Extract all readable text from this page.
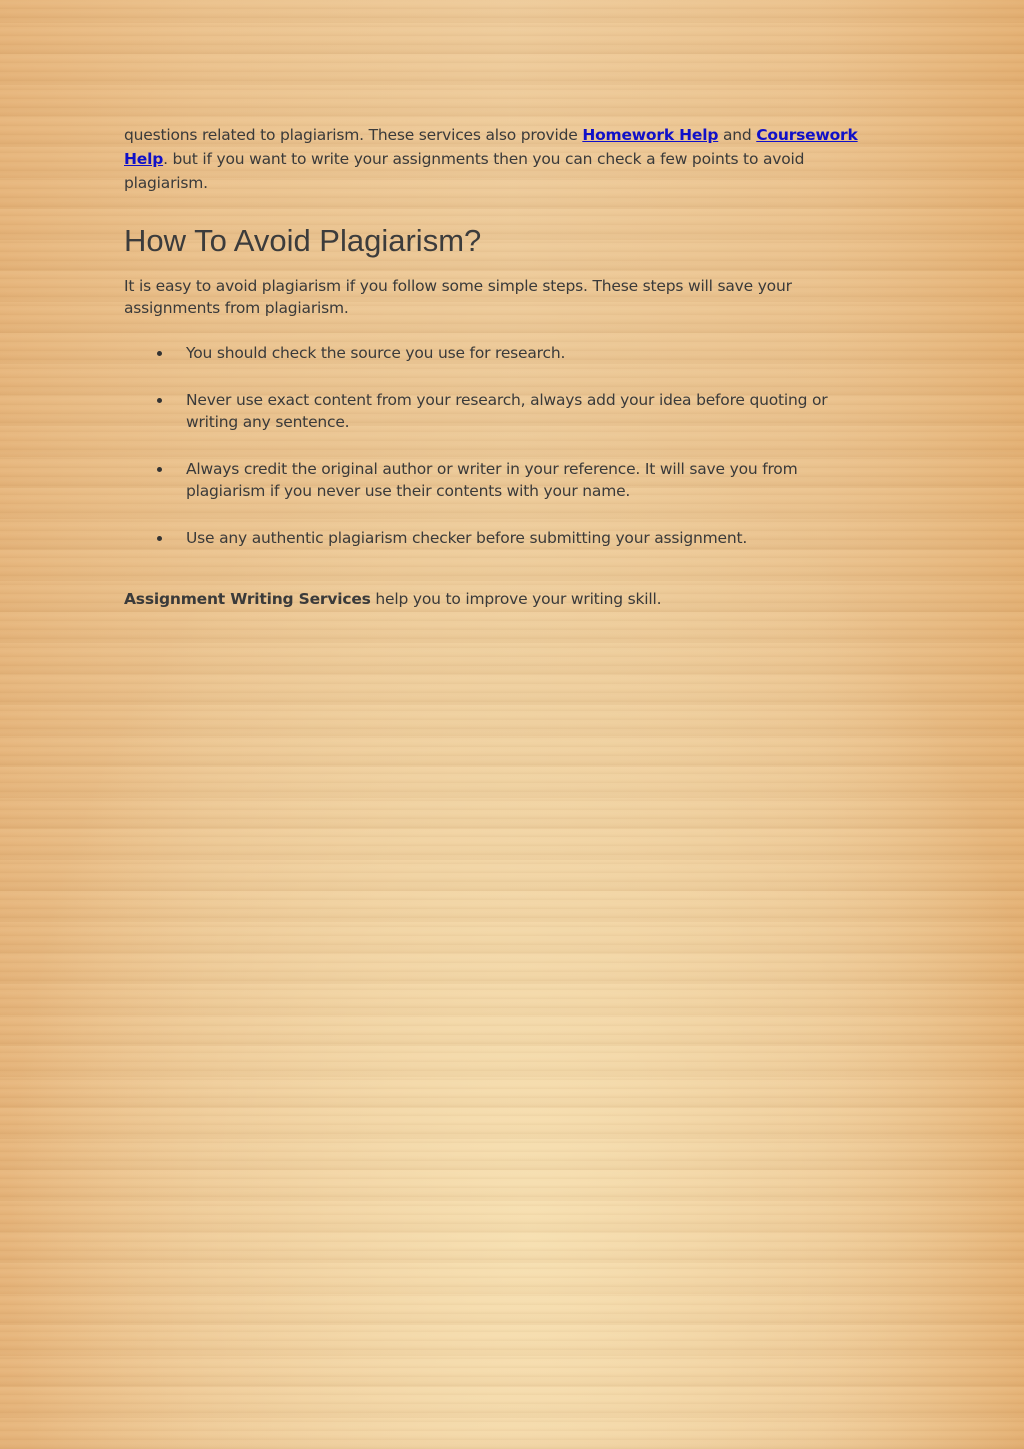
questions related to plagiarism. These services also provide Homework Help and Coursework Help. but if you want to write your assignments then you can check a few points to avoid plagiarism.

How To Avoid Plagiarism?

It is easy to avoid plagiarism if you follow some simple steps. These steps will save your assignments from plagiarism.

You should check the source you use for research.
Never use exact content from your research, always add your idea before quoting or writing any sentence.
Always credit the original author or writer in your reference. It will save you from plagiarism if you never use their contents with your name.
Use any authentic plagiarism checker before submitting your assignment.

Assignment Writing Services help you to improve your writing skill.
